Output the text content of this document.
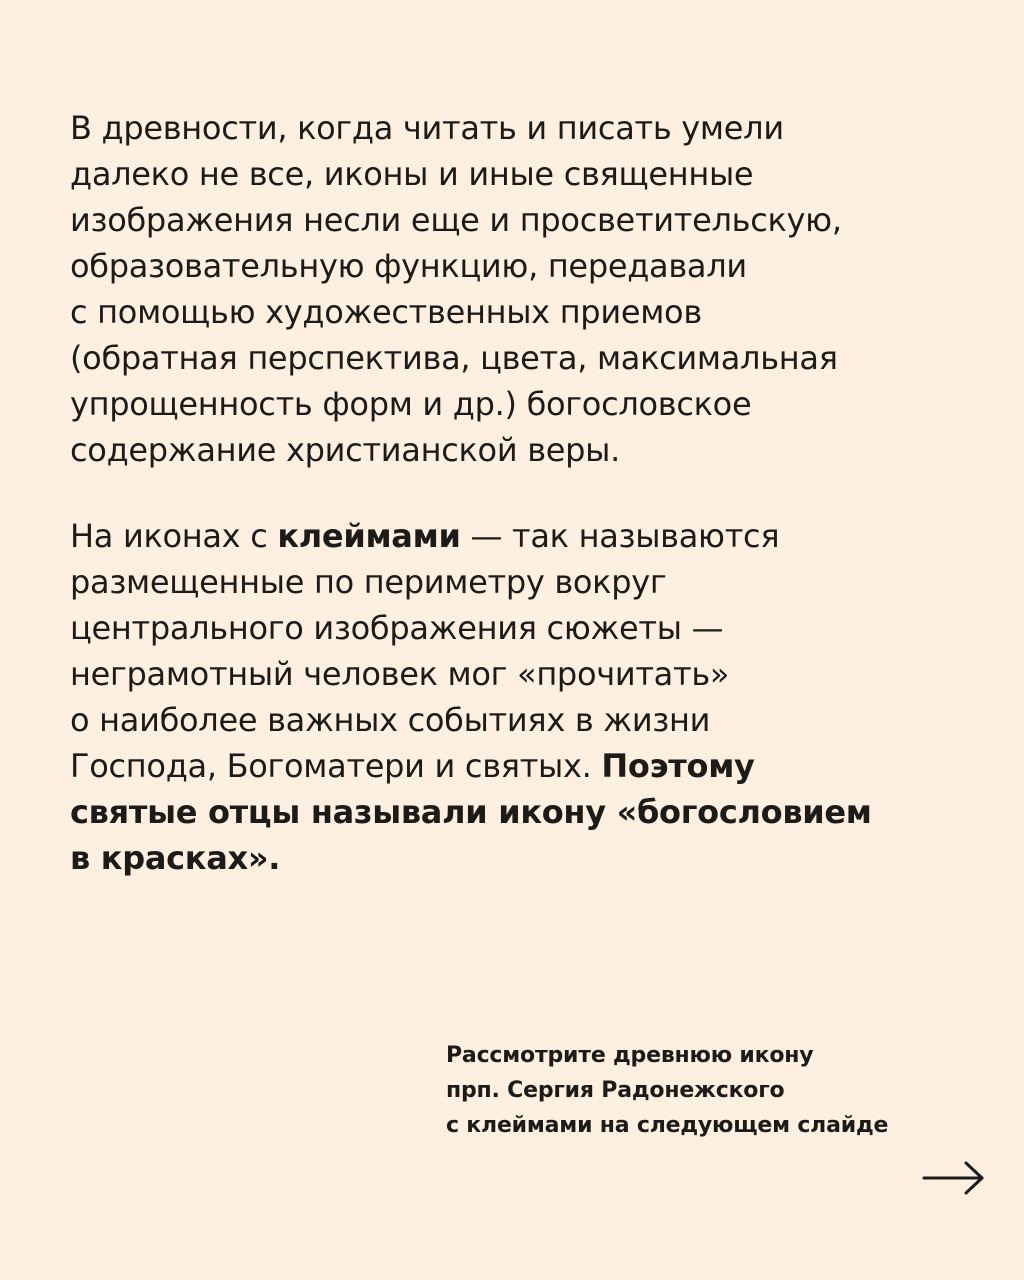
В древности, когда читать и писать умели
далеко не все, иконы и иные священные
изображения несли еще и просветительскую,
образовательную функцию, передавали
с помощью художественных приемов
(обратная перспектива, цвета, максимальная
упрощенность форм и др.) богословское
содержание христианской веры.
На иконах с клеймами — так называются
размещенные по периметру вокруг
центрального изображения сюжеты —
неграмотный человек мог «прочитать»
о наиболее важных событиях в жизни
Господа, Богоматери и святых. Поэтому
святые отцы называли икону «богословием
в красках».
Рассмотрите древнюю икону
прп. Сергия Радонежского
с клеймами на следующем слайде
